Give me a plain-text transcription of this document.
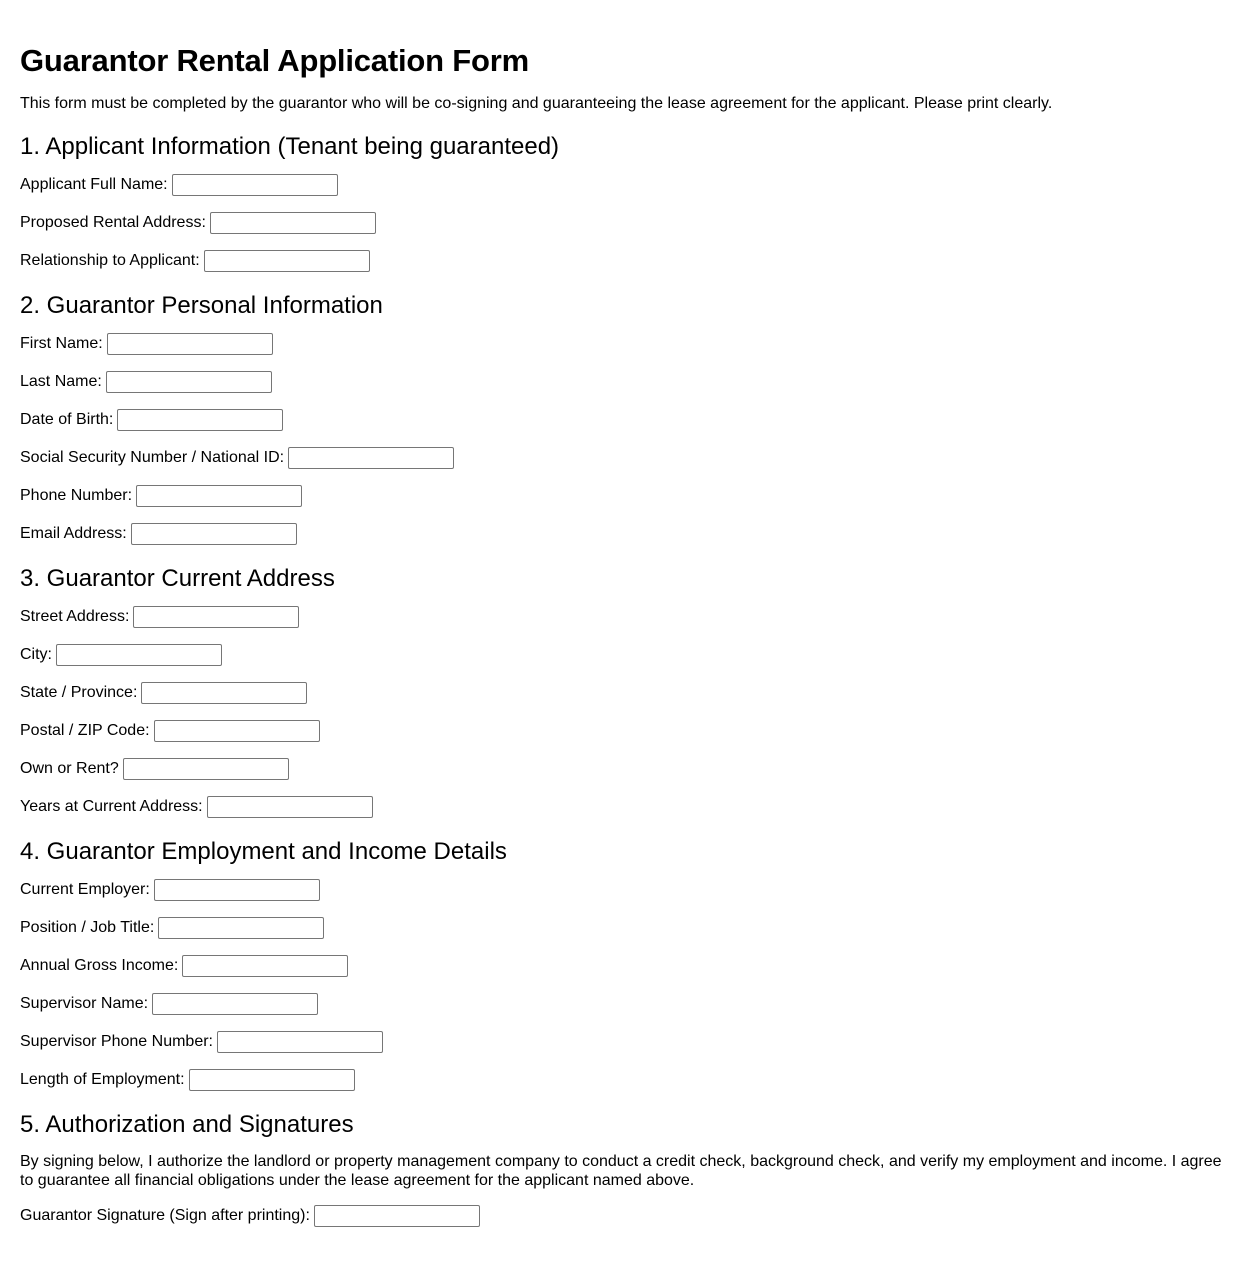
Guarantor Rental Application Form

This form must be completed by the guarantor who will be co-signing and guaranteeing the lease agreement for the applicant. Please print clearly.

1. Applicant Information (Tenant being guaranteed)
Applicant Full Name:
Proposed Rental Address:
Relationship to Applicant:
2. Guarantor Personal Information
First Name:
Last Name:
Date of Birth:
Social Security Number / National ID:
Phone Number:
Email Address:
3. Guarantor Current Address
Street Address:
City:
State / Province:
Postal / ZIP Code:
Own or Rent?
Years at Current Address:
4. Guarantor Employment and Income Details
Current Employer:
Position / Job Title:
Annual Gross Income:
Supervisor Name:
Supervisor Phone Number:
Length of Employment:
5. Authorization and Signatures

By signing below, I authorize the landlord or property management company to conduct a credit check, background check, and verify my employment and income. I agree to guarantee all financial obligations under the lease agreement for the applicant named above.

Guarantor Signature (Sign after printing):
